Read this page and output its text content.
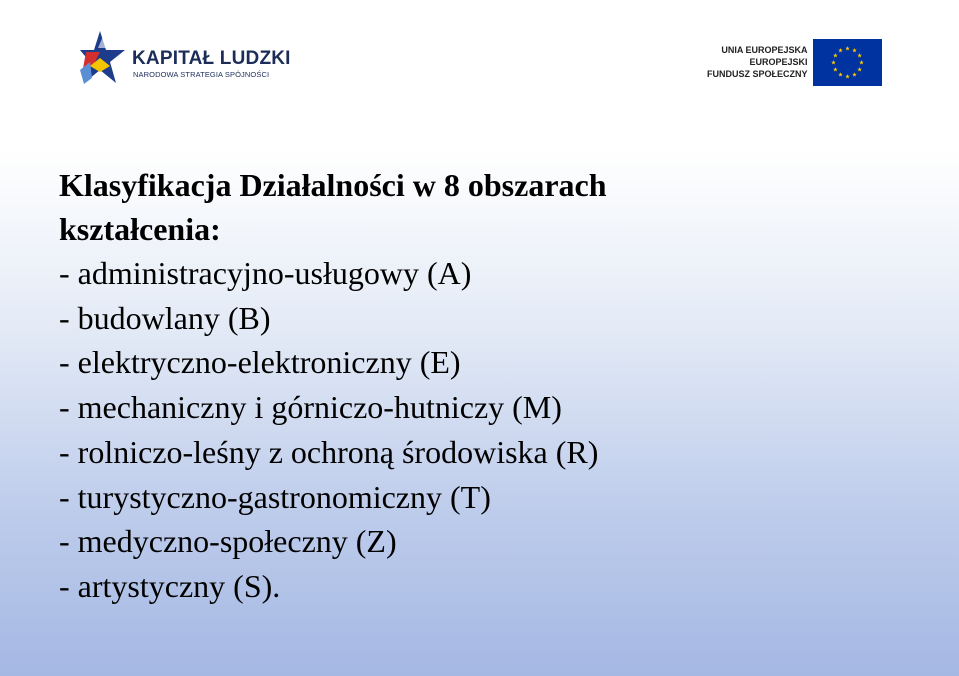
KAPITAŁ LUDZKI
NARODOWA STRATEGIA SPÓJNOŚCI
UNIA EUROPEJSKA
EUROPEJSKI
FUNDUSZ SPOŁECZNY
Klasyfikacja Działalności w 8 obszarach
kształcenia:
- administracyjno-usługowy (A)
- budowlany (B)
- elektryczno-elektroniczny (E)
- mechaniczny i górniczo-hutniczy (M)
- rolniczo-leśny z ochroną środowiska (R)
- turystyczno-gastronomiczny (T)
- medyczno-społeczny (Z)
- artystyczny (S).
